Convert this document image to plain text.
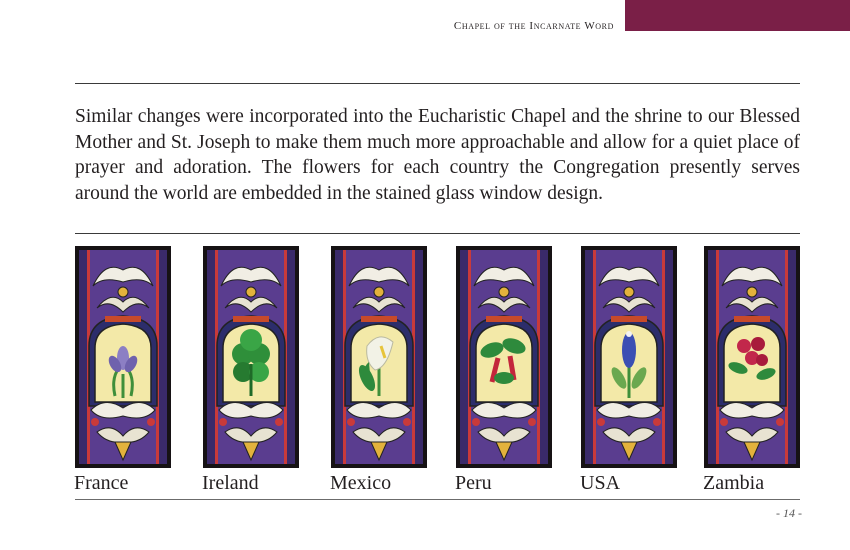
Chapel of the Incarnate Word

Similar changes were incorporated into the Eucharistic Chapel and the shrine to our Blessed Mother and St. Joseph to make them much more approachable and allow for a quiet place of prayer and adoration. The flowers for each country the Congregation presently serves around the world are embedded in the stained glass window design.

France	Ireland	Mexico	Peru	USA	Zambia
- 14 -
